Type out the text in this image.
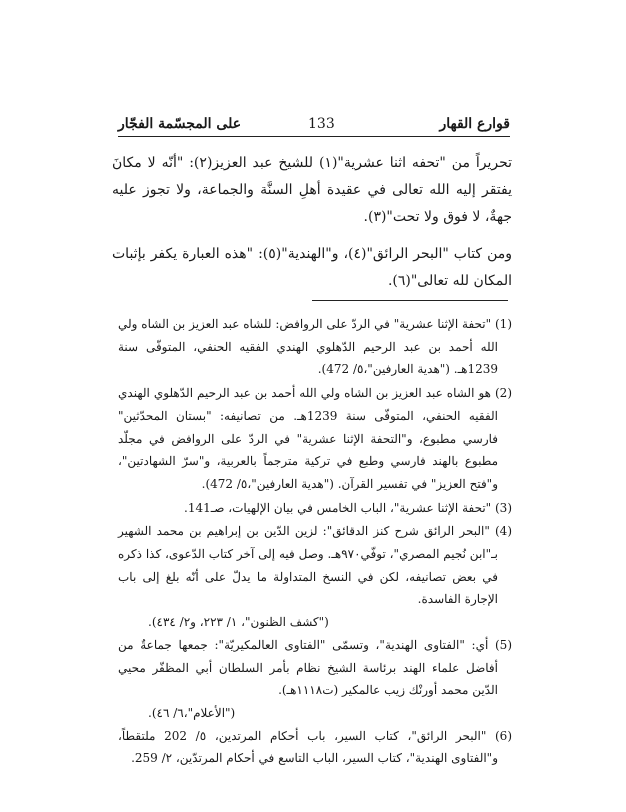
قوارع القهار
133
على المجسّمة الفجّار

تحريراً من "تحفه اثنا عشرية"(١) للشيخ عبد العزيز(٢): "أنّه لا مكانَ يفتقر إليه الله تعالى في عقيدة أهلِ السنَّة والجماعة، ولا تجوز عليه جهةٌ، لا فوق ولا تحت"(٣).

ومن كتاب "البحر الرائق"(٤)، و"الهندية"(٥): "هذه العبارة يكفر بإثبات المكان لله تعالى"(٦).

(1) "تحفة الإثنا عشرية" في الردّ على الروافض: للشاه عبد العزيز بن الشاه ولي الله أحمد بن عبد الرحيم الدّهلوي الهندي الفقيه الحنفي، المتوفّى سنة 1239هـ. ("هدية العارفين"،٥/ 472).

(2) هو الشاه عبد العزيز بن الشاه ولي الله أحمد بن عبد الرحيم الدّهلوي الهندي الفقيه الحنفي، المتوفّى سنة 1239هـ. من تصانيفه: "بستان المحدّثين" فارسي مطبوع، و"التحفة الإثنا عشرية" في الردّ على الروافض في مجلّد مطبوع بالهند فارسي وطبع في تركية مترجماً بالعربية، و"سرّ الشهادتين"، و"فتح العزيز" في تفسير القرآن. ("هدية العارفين"،٥/ 472).

(3) "تحفة الإثنا عشرية"، الباب الخامس في بيان الإلهيات، صـ141.

(4) "البحر الرائق شرح كنز الدقائق": لزين الدّين بن إبراهيم بن محمد الشهير بـ"ابن نُجيم المصري"، توفّي٩٧٠هـ. وصل فيه إلى آخر كتاب الدّعوى، كذا ذكره في بعض تصانيفه، لكن في النسخ المتداولة ما يدلّ على أنّه بلغ إلى باب الإجارة الفاسدة.

("كشف الظنون"، ١/ ٢٢٣، و٢/ ٤٣٤).

(5) أي: "الفتاوى الهندية"، وتسمّى "الفتاوى العالمكيريّة": جمعها جماعةٌ من أفاضل علماء الهند برئاسة الشيخ نظام بأمر السلطان أبي المظفّر محيي الدّين محمد أورنْك زيب عالمكير (ت١١١٨هـ).

("الأعلام"،٦/ ٤٦).

(6) "البحر الرائق"، كتاب السير، باب أحكام المرتدين، ٥/ 202 ملتقطاً، و"الفتاوى الهندية"، كتاب السير، الباب التاسع في أحكام المرتدّين، ٢/ 259.
